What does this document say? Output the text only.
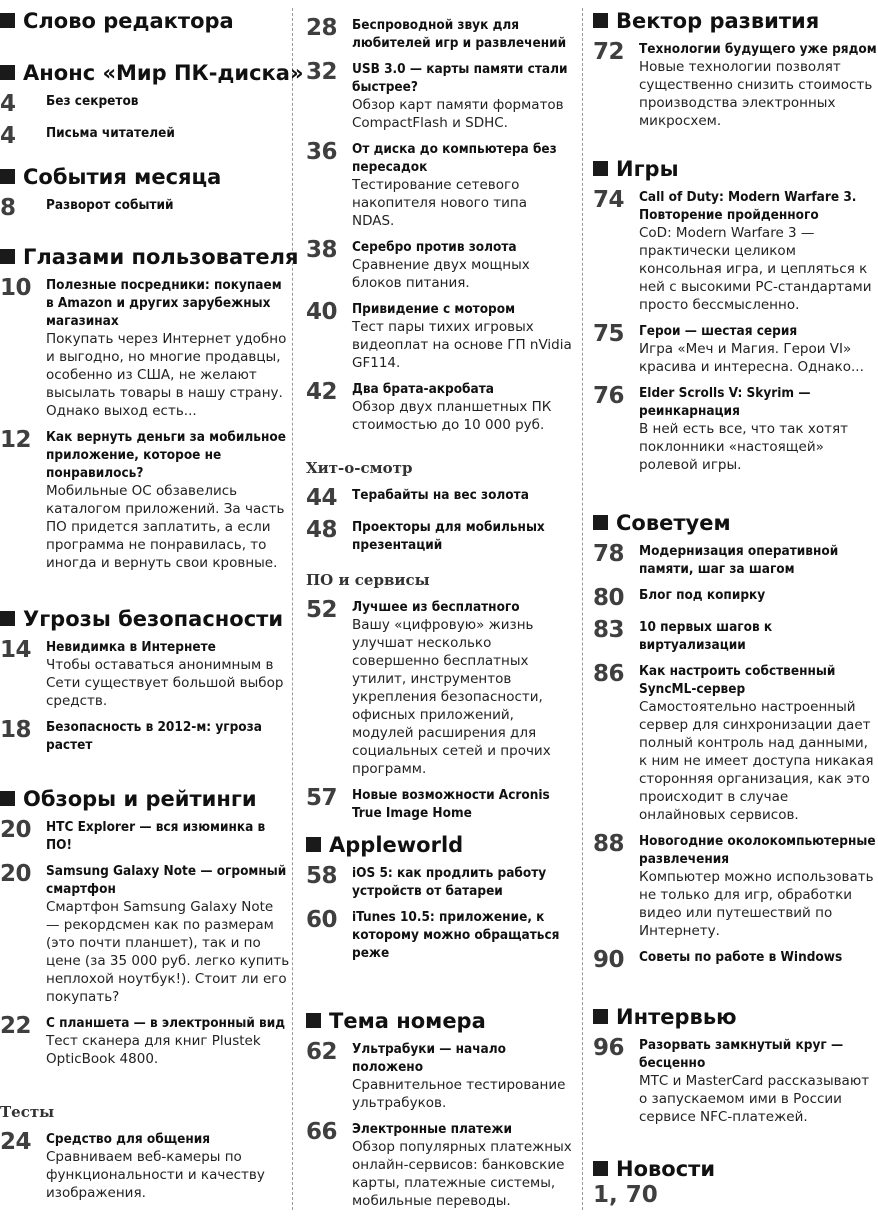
Слово редактора
Анонс «Мир ПК-диска»
4	Без секретов
4	Письма читателей
События месяца
8	Разворот событий
Глазами пользователя
10	Полезные посредники: покупаем в Amazon и других зарубежных магазинах
Покупать через Интернет удобно и выгодно, но многие продавцы, особенно из США, не желают высылать товары в нашу страну. Однако выход есть...
12	Как вернуть деньги за мобильное приложение, которое не понравилось?
Мобильные ОС обзавелись каталогом приложений. За часть ПО придется заплатить, а если программа не понравилась, то иногда и вернуть свои кровные.
Угрозы безопасности
14	Невидимка в Интернете
Чтобы оставаться анонимным в Сети существует большой выбор средств.
18	Безопасность в 2012-м: угроза растет
Обзоры и рейтинги
20	HTC Explorer — вся изюминка в ПО!
20	Samsung Galaxy Note — огромный смартфон
Смартфон Samsung Galaxy Note — рекордсмен как по размерам (это почти планшет), так и по цене (за 35 000 руб. легко купить неплохой ноутбук!). Стоит ли его покупать?
22	С планшета — в электронный вид
Тест сканера для книг Plustek OpticBook 4800.
Тесты
24	Средство для общения
Сравниваем веб-камеры по функциональности и качеству изображения.
28	Беспроводной звук для любителей игр и развлечений
32	USB 3.0 — карты памяти стали быстрее?
Обзор карт памяти форматов CompactFlash и SDHC.
36	От диска до компьютера без пересадок
Тестирование сетевого накопителя нового типа NDAS.
38	Серебро против золота
Сравнение двух мощных блоков питания.
40	Привидение с мотором
Тест пары тихих игровых видеоплат на основе ГП nVidia GF114.
42	Два брата-акробата
Обзор двух планшетных ПК стоимостью до 10 000 руб.
Хит-о-смотр
44	Терабайты на вес золота
48	Проекторы для мобильных презентаций
ПО и сервисы
52	Лучшее из бесплатного
Вашу «цифровую» жизнь улучшат несколько совершенно бесплатных утилит, инструментов укрепления безопасности, офисных приложений, модулей расширения для социальных сетей и прочих программ.
57	Новые возможности Acronis True Image Home
Appleworld
58	iOS 5: как продлить работу устройств от батареи
60	iTunes 10.5: приложение, к которому можно обращаться реже
Тема номера
62	Ультрабуки — начало положено
Сравнительное тестирование ультрабуков.
66	Электронные платежи
Обзор популярных платежных онлайн-сервисов: банковские карты, платежные системы, мобильные переводы.
Вектор развития
72	Технологии будущего уже рядом
Новые технологии позволят существенно снизить стоимость производства электронных микросхем.
Игры
74	Call of Duty: Modern Warfare 3. Повторение пройденного
CoD: Modern Warfare 3 — практически целиком консольная игра, и цепляться к ней с высокими PC-стандартами просто бессмысленно.
75	Герои — шестая серия
Игра «Меч и Магия. Герои VI» красива и интересна. Однако...
76	Elder Scrolls V: Skyrim — реинкарнация
В ней есть все, что так хотят поклонники «настоящей» ролевой игры.
Советуем
78	Модернизация оперативной памяти, шаг за шагом
80	Блог под копирку
83	10 первых шагов к виртуализации
86	Как настроить собственный SyncML-сервер
Самостоятельно настроенный сервер для синхронизации дает полный контроль над данными, к ним не имеет доступа никакая сторонняя организация, как это происходит в случае онлайновых сервисов.
88	Новогодние околокомпьютерные развлечения
Компьютер можно использовать не только для игр, обработки видео или путешествий по Интернету.
90	Советы по работе в Windows
Интервью
96	Разорвать замкнутый круг — бесценно
МТС и MasterCard рассказывают о запускаемом ими в России сервисе NFC-платежей.
Новости
1, 70
